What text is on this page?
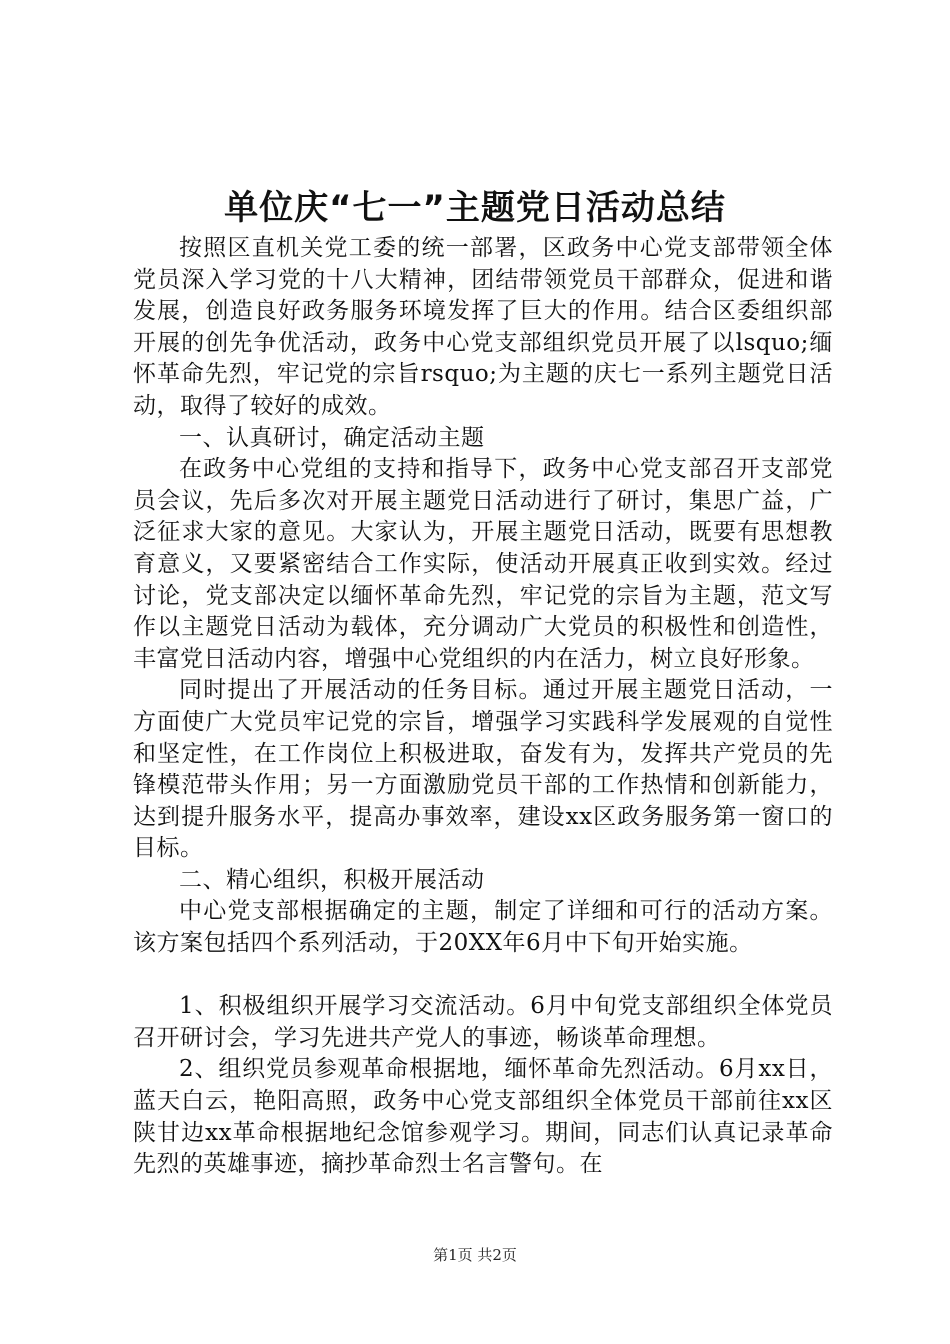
单位庆“七一”主题党日活动总结

按照区直机关党工委的统一部署，区政务中心党支部带领全体党员深入学习党的十八大精神，团结带领党员干部群众，促进和谐发展，创造良好政务服务环境发挥了巨大的作用。结合区委组织部开展的创先争优活动，政务中心党支部组织党员开展了以lsquo;缅怀革命先烈，牢记党的宗旨rsquo;为主题的庆七一系列主题党日活动，取得了较好的成效。

一、认真研讨，确定活动主题

在政务中心党组的支持和指导下，政务中心党支部召开支部党员会议，先后多次对开展主题党日活动进行了研讨，集思广益，广泛征求大家的意见。大家认为，开展主题党日活动，既要有思想教育意义，又要紧密结合工作实际，使活动开展真正收到实效。经过讨论，党支部决定以缅怀革命先烈，牢记党的宗旨为主题，范文写作以主题党日活动为载体，充分调动广大党员的积极性和创造性，丰富党日活动内容，增强中心党组织的内在活力，树立良好形象。

同时提出了开展活动的任务目标。通过开展主题党日活动，一方面使广大党员牢记党的宗旨，增强学习实践科学发展观的自觉性和坚定性，在工作岗位上积极进取，奋发有为，发挥共产党员的先锋模范带头作用；另一方面激励党员干部的工作热情和创新能力，达到提升服务水平，提高办事效率，建设xx区政务服务第一窗口的目标。

二、精心组织，积极开展活动

中心党支部根据确定的主题，制定了详细和可行的活动方案。该方案包括四个系列活动，于20XX年6月中下旬开始实施。

1、积极组织开展学习交流活动。6月中旬党支部组织全体党员召开研讨会，学习先进共产党人的事迹，畅谈革命理想。

2、组织党员参观革命根据地，缅怀革命先烈活动。6月xx日，蓝天白云，艳阳高照，政务中心党支部组织全体党员干部前往xx区陕甘边xx革命根据地纪念馆参观学习。期间，同志们认真记录革命先烈的英雄事迹，摘抄革命烈士名言警句。在

第1页 共2页
